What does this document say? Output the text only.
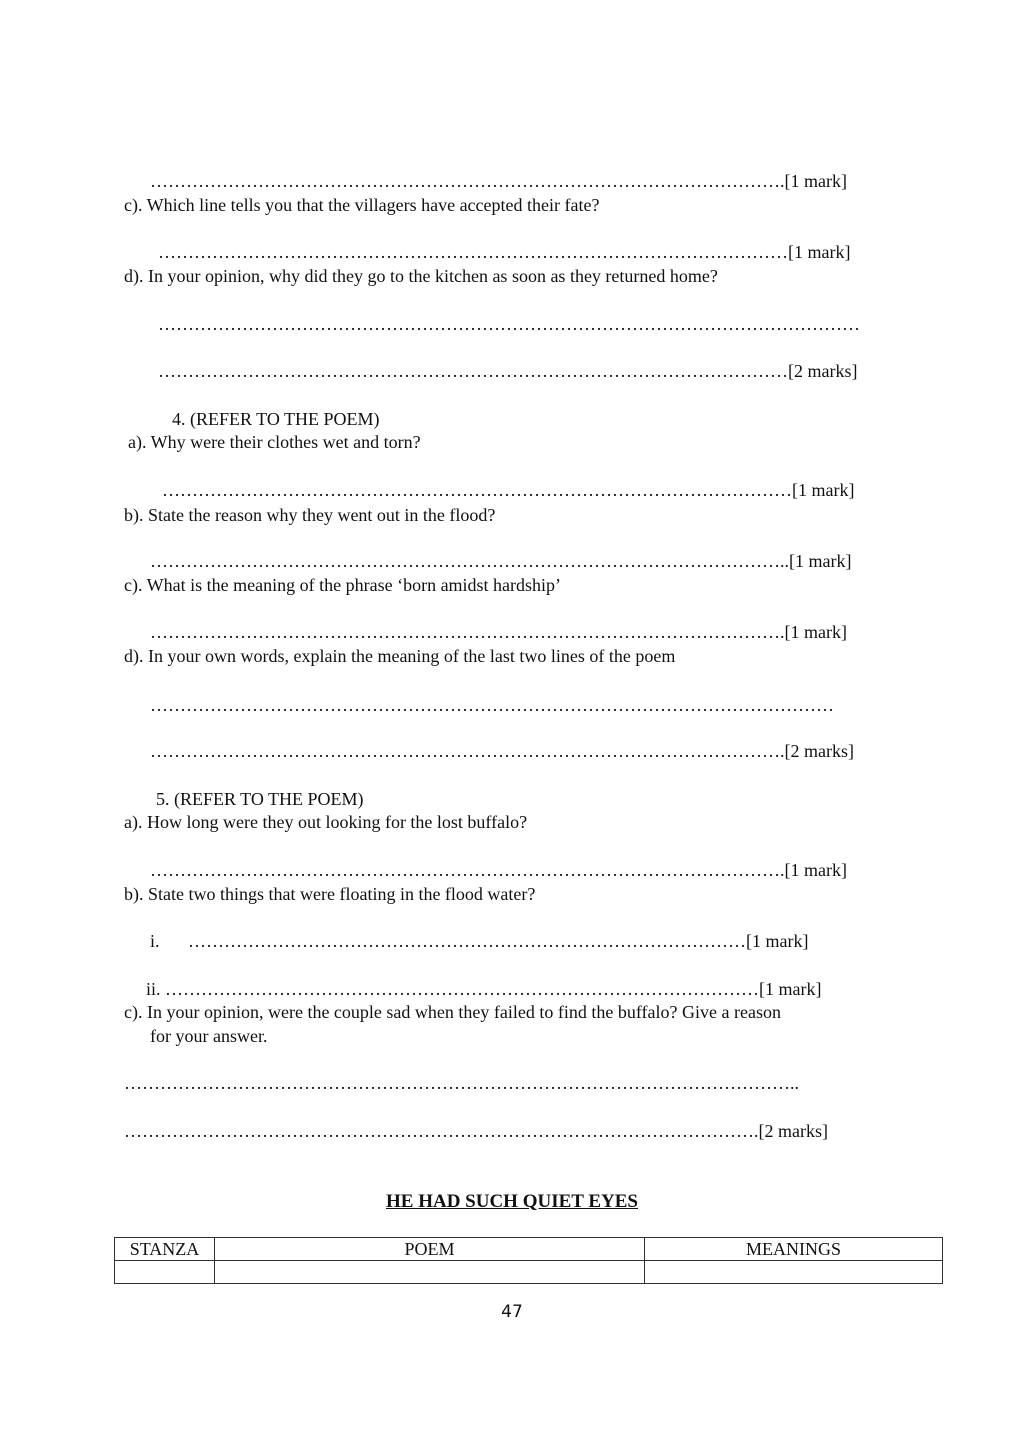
…………………………………………………………………………………………….[1 mark]
c). Which line tells you that the villagers have accepted their fate?
……………………………………………………………………………………………[1 mark]
d). In your opinion, why did they go to the kitchen as soon as they returned home?
………………………………………………………………………………………………………
……………………………………………………………………………………………[2 marks]
4. (REFER TO THE POEM)
a). Why were their clothes wet and torn?
……………………………………………………………………………………………[1 mark]
b). State the reason why they went out in the flood?
……………………………………………………………………………………………..[1 mark]
c). What is the meaning of the phrase ‘born amidst hardship’
…………………………………………………………………………………………….[1 mark]
d). In your own words, explain the meaning of the last two lines of the poem
……………………………………………………………………………………………………
…………………………………………………………………………………………….[2 marks]
5. (REFER TO THE POEM)
a). How long were they out looking for the lost buffalo?
…………………………………………………………………………………………….[1 mark]
b). State two things that were floating in the flood water?
i. …………………………………………………………………………………[1 mark]
ii. ………………………………………………………………………………………[1 mark]
c). In your opinion, were the couple sad when they failed to find the buffalo? Give a reason
for your answer.
…………………………………………………………………………………………………..
…………………………………………………………………………………………….[2 marks]
HE HAD SUCH QUIET EYES
STANZA	POEM	MEANINGS

47
